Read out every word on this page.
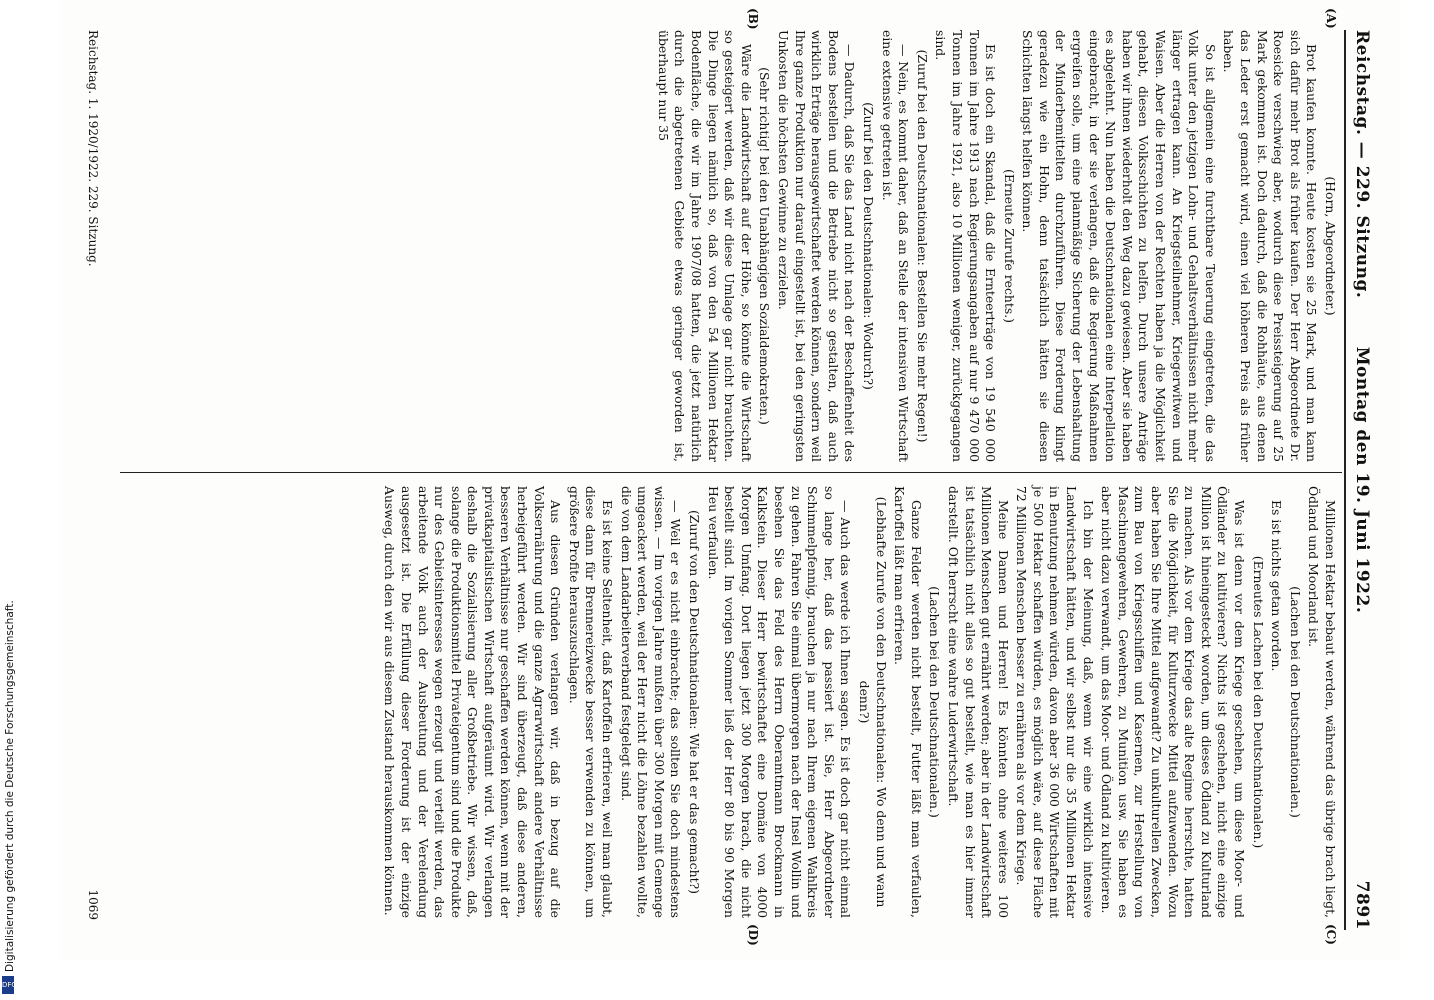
Digitalisierung gefördert durch die Deutsche Forschungsgemeinschaft.
DFG
Reichstag. — 229. Sitzung.
Montag den 19. Juni 1922.
7891
(A)
(B)
(C)
(D)

(Horn, Abgeordneter.)

Brot kaufen konnte. Heute kosten sie 25 Mark, und man kann sich dafür mehr Brot als früher kaufen. Der Herr Abgeordnete Dr. Roesicke verschwieg aber, wodurch diese Preissteigerung auf 25 Mark gekommen ist. Doch dadurch, daß die Rohhäute, aus denen das Leder erst gemacht wird, einen viel höheren Preis als früher haben.

So ist allgemein eine furchtbare Teuerung eingetreten, die das Volk unter den jetzigen Lohn- und Gehaltsverhältnissen nicht mehr länger ertragen kann. An Kriegsteilnehmer, Kriegerwitwen und Waisen. Aber die Herren von der Rechten haben ja die Möglichkeit gehabt, diesen Volksschichten zu helfen. Durch unsere Anträge haben wir ihnen wiederholt den Weg dazu gewiesen. Aber sie haben es abgelehnt. Nun haben die Deutschnationalen eine Interpellation eingebracht, in der sie verlangen, daß die Regierung Maßnahmen ergreifen solle, um eine planmäßige Sicherung der Lebenshaltung der Minderbemittelten durchzuführen. Diese Forderung klingt geradezu wie ein Hohn, denn tatsächlich hätten sie diesen Schichten längst helfen können.

(Erneute Zurufe rechts.)

Es ist doch ein Skandal, daß die Ernteerträge von 19 540 000 Tonnen im Jahre 1913 nach Regierungsangaben auf nur 9 470 000 Tonnen im Jahre 1921, also 10 Millionen weniger, zurückgegangen sind.

(Zuruf bei den Deutschnationalen: Bestellen Sie mehr Regen!)

— Nein, es kommt daher, daß an Stelle der intensiven Wirtschaft eine extensive getreten ist.

(Zuruf bei den Deutschnationalen: Wodurch?)

— Dadurch, daß Sie das Land nicht nach der Beschaffenheit des Bodens bestellen und die Betriebe nicht so gestalten, daß auch wirklich Erträge herausgewirtschaftet werden können, sondern weil Ihre ganze Produktion nur darauf eingestellt ist, bei den geringsten Unkosten die höchsten Gewinne zu erzielen.

(Sehr richtig! bei den Unabhängigen Sozialdemokraten.)

Wäre die Landwirtschaft auf der Höhe, so könnte die Wirtschaft so gesteigert werden, daß wir diese Umlage gar nicht brauchten. Die Dinge liegen nämlich so, daß von den 54 Millionen Hektar Bodenfläche, die wir im Jahre 1907/08 hatten, die jetzt natürlich durch die abgetretenen Gebiete etwas geringer geworden ist, überhaupt nur 35

Millionen Hektar bebaut werden, während das übrige brach liegt, Ödland und Moorland ist.

(Lachen bei den Deutschnationalen.)

Es ist nichts getan worden.

(Erneutes Lachen bei den Deutschnationalen.)

Was ist denn vor dem Kriege geschehen, um diese Moor- und Ödländer zu kultivieren? Nichts ist geschehen, nicht eine einzige Million ist hineingesteckt worden, um dieses Ödland zu Kulturland zu machen. Als vor dem Kriege das alte Regime herrschte, hatten Sie die Möglichkeit, für Kulturzwecke Mittel aufzuwenden. Wozu aber haben Sie Ihre Mittel aufgewandt? Zu unkulturellen Zwecken, zum Bau von Kriegsschiffen und Kasernen, zur Herstellung von Maschinengewehren, Gewehren, zu Munition usw. Sie haben es aber nicht dazu verwandt, um das Moor- und Ödland zu kultivieren.

Ich bin der Meinung, daß, wenn wir eine wirklich intensive Landwirtschaft hätten, und wir selbst nur die 35 Millionen Hektar in Benutzung nehmen würden, davon aber 36 000 Wirtschaften mit je 500 Hektar schaffen würden, es möglich wäre, auf diese Fläche 72 Millionen Menschen besser zu ernähren als vor dem Kriege.

Meine Damen und Herren! Es könnten ohne weiteres 100 Millionen Menschen gut ernährt werden; aber in der Landwirtschaft ist tatsächlich nicht alles so gut bestellt, wie man es hier immer darstellt. Oft herrscht eine wahre Luderwirtschaft.

(Lachen bei den Deutschnationalen.)

Ganze Felder werden nicht bestellt, Futter läßt man verfaulen, Kartoffel läßt man erfrieren.

(Lebhafte Zurufe von den Deutschnationalen: Wo denn und wann denn?)

— Auch das werde ich Ihnen sagen. Es ist doch gar nicht einmal so lange her, daß das passiert ist. Sie, Herr Abgeordneter Schimmelpfennig, brauchen ja nur nach Ihrem eigenen Wahlkreis zu gehen. Fahren Sie einmal übermorgen nach der Insel Wollin und besehen Sie das Feld des Herrn Oberamtmann Brockmann in Kalkstein. Dieser Herr bewirtschaftet eine Domäne von 4000 Morgen Umfang. Dort liegen jetzt 300 Morgen brach, die nicht bestellt sind. Im vorigen Sommer ließ der Herr 80 bis 90 Morgen Heu verfaulen.

(Zuruf von den Deutschnationalen: Wie hat er das gemacht?)

— Weil er es nicht einbrachte; das sollten Sie doch mindestens wissen. — Im vorigen Jahre mußten über 300 Morgen mit Gemenge umgeackert werden, weil der Herr nicht die Löhne bezahlen wollte, die von dem Landarbeiterverband festgelegt sind.

Es ist keine Seltenheit, daß Kartoffeln erfrieren, weil man glaubt, diese dann für Brennereizwecke besser verwenden zu können, um größere Profite herauszuschlagen.

Aus diesen Gründen verlangen wir, daß in bezug auf die Volksernährung und die ganze Agrarwirtschaft andere Verhältnisse herbeigeführt werden. Wir sind überzeugt, daß diese anderen, besseren Verhältnisse nur geschaffen werden können, wenn mit der privatkapitalistischen Wirtschaft aufgeräumt wird. Wir verlangen deshalb die Sozialisierung aller Großbetriebe. Wir wissen, daß, solange die Produktionsmittel Privateigentum sind und die Produkte nur des Gebietsinteresses wegen erzeugt und verteilt werden, das arbeitende Volk auch der Ausbeutung und der Verelendung ausgesetzt ist. Die Erfüllung dieser Forderung ist der einzige Ausweg, durch den wir aus diesem Zustand herauskommen können.

Reichstag. 1. 1920/1922. 229. Sitzung.
1069
